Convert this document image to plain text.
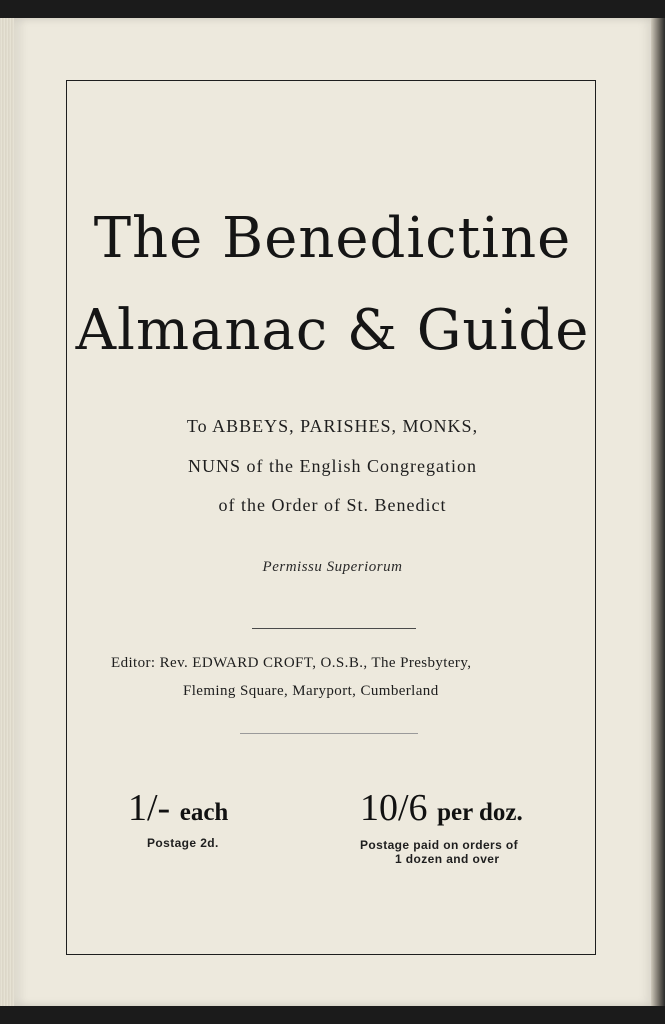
The Benedictine
Almanac & Guide
To ABBEYS, PARISHES, MONKS,
NUNS of the English Congregation
of the Order of St. Benedict
Permissu Superiorum
Editor: Rev. EDWARD CROFT, O.S.B., The Presbytery,
Fleming Square, Maryport, Cumberland
1/- each
Postage 2d.
10/6 per doz.
Postage paid on orders of
1 dozen and over
